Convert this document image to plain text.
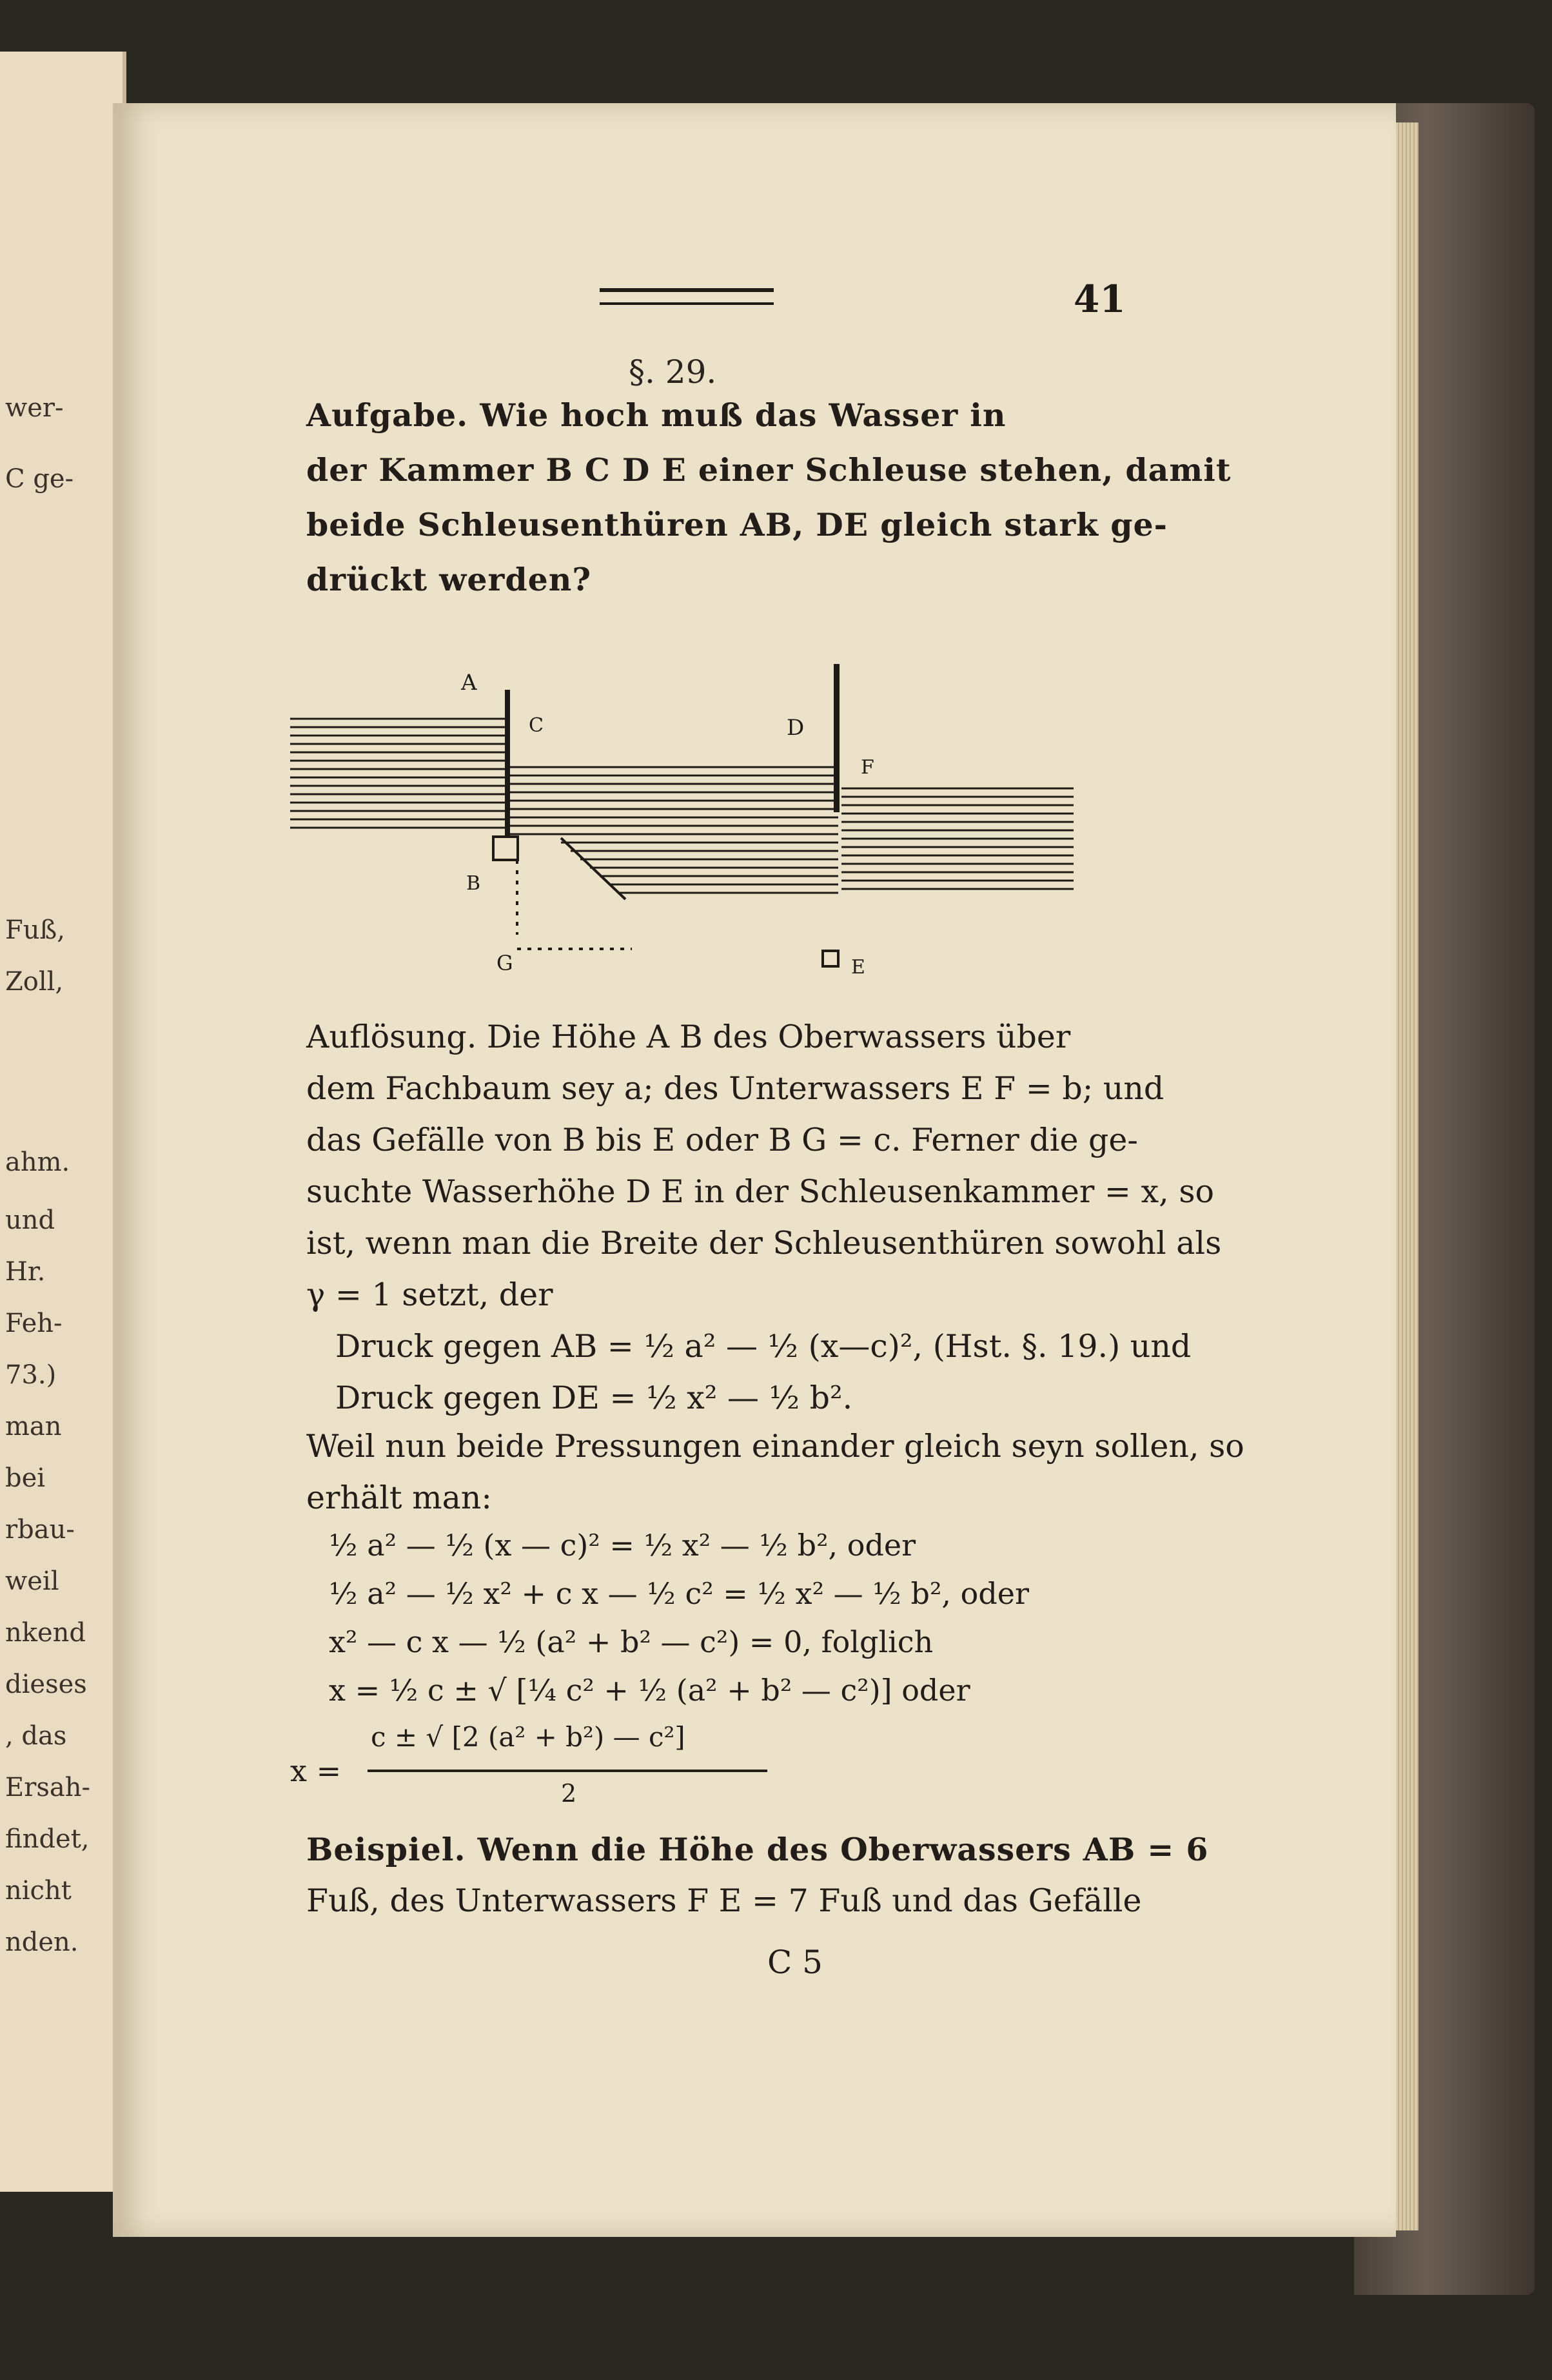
wer-
C ge-
Fuß,
Zoll,
ahm.
und
Hr.
Feh-
73.)
man
bei
rbau-
weil
nkend
dieses
, das
Ersah-
findet,
nicht
nden.
41
§. 29.
Aufgabe. Wie hoch muß das Wasser in
der Kammer B C D E einer Schleuse stehen, damit
beide Schleusenthüren AB, DE gleich stark ge-
drückt werden?
A
B
C	D
E
F
G
Auflösung. Die Höhe A B des Oberwassers über
dem Fachbaum sey a; des Unterwassers E F = b; und
das Gefälle von B bis E oder B G = c. Ferner die ge-
suchte Wasserhöhe D E in der Schleusenkammer = x, so
ist, wenn man die Breite der Schleusenthüren sowohl als
γ = 1 setzt, der
Druck gegen AB = ½ a² — ½ (x—c)², (Hst. §. 19.) und
Druck gegen DE = ½ x² — ½ b².
Weil nun beide Pressungen einander gleich seyn sollen, so
erhält man:
½ a² — ½ (x — c)² = ½ x² — ½ b², oder
½ a² — ½ x² + c x — ½ c² = ½ x² — ½ b², oder
x² — c x — ½ (a² + b² — c²) = 0, folglich
x = ½ c ± √ [¼ c² + ½ (a² + b² — c²)] oder
x =
c ± √ [2 (a² + b²) — c²]
2
Beispiel. Wenn die Höhe des Oberwassers AB = 6
Fuß, des Unterwassers F E = 7 Fuß und das Gefälle
C 5
